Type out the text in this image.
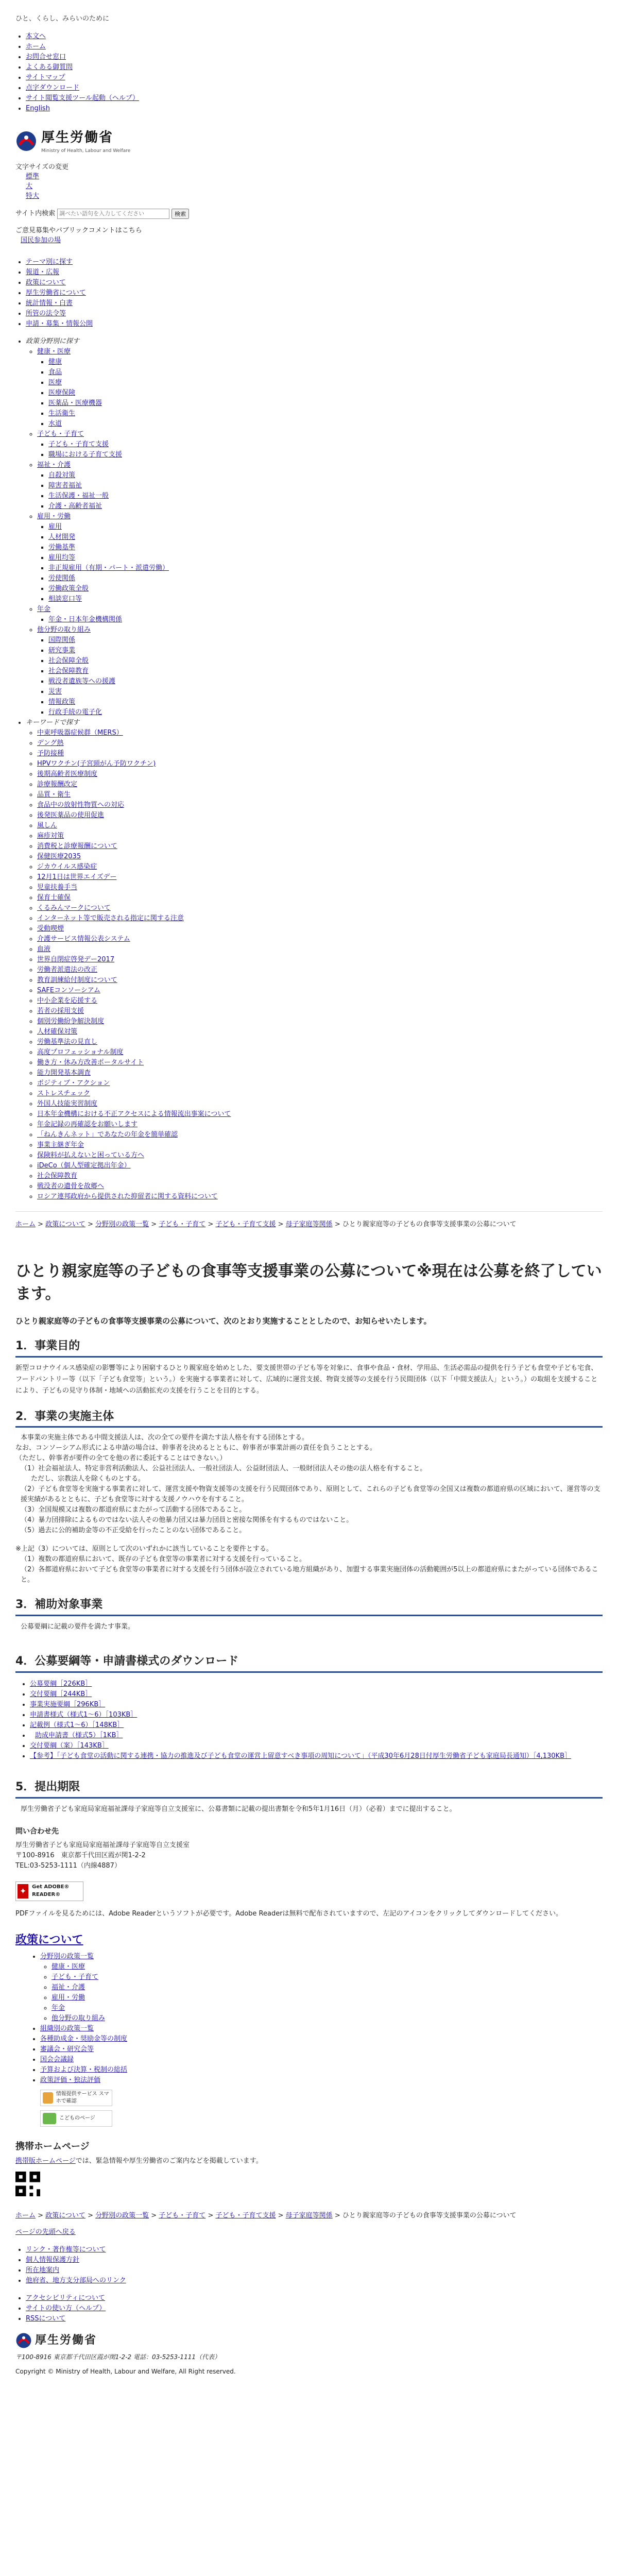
ひと、くらし、みらいのために
• 本文へ
• ホーム
• お問合せ窓口
• よくある御質問
• サイトマップ
• 点字ダウンロード
• サイト閲覧支援ツール起動（ヘルプ）
• English
厚生労働省
Ministry of Health, Labour and Welfare
文字サイズの変更
標準
大
特大
サイト内検索
調べたい語句を入力してください	検索
ご意見募集やパブリックコメントはこちら
国民参加の場
• テーマ別に探す
• 報道・広報
• 政策について
• 厚生労働省について
• 統計情報・白書
• 所管の法令等
• 申請・募集・情報公開
• 政策分野別に探す
◦ 健康・医療
▪ 健康
▪ 食品
▪ 医療
▪ 医療保険
▪ 医薬品・医療機器
▪ 生活衛生
▪ 水道
◦ 子ども・子育て
▪ 子ども・子育て支援
▪ 職場における子育て支援
◦ 福祉・介護
▪ 自殺対策
▪ 障害者福祉
▪ 生活保護・福祉一般
▪ 介護・高齢者福祉
◦ 雇用・労働
▪ 雇用
▪ 人材開発
▪ 労働基準
▪ 雇用均等
▪ 非正規雇用（有期・パート・派遣労働）
▪ 労使関係
▪ 労働政策全般
▪ 相談窓口等
◦ 年金
▪ 年金・日本年金機構関係
◦ 他分野の取り組み
▪ 国際関係
▪ 研究事業
▪ 社会保障全般
▪ 社会保障教育
▪ 戦没者遺族等への援護
▪ 災害
▪ 情報政策
▪ 行政手続の電子化
• キーワードで探す
◦ 中東呼吸器症候群（MERS）
◦ デング熱
◦ 予防接種
◦ HPVワクチン(子宮頸がん予防ワクチン)
◦ 後期高齢者医療制度
◦ 診療報酬改定
◦ 品質・衛生
◦ 食品中の放射性物質への対応
◦ 後発医薬品の使用促進
◦ 風しん
◦ 麻疹対策
◦ 消費税と診療報酬について
◦ 保健医療2035
◦ ジカウイルス感染症
◦ 12月1日は世界エイズデー
◦ 児童扶養手当
◦ 保育士確保
◦ くるみんマークについて
◦ インターネット等で販売される指定に関する注意
◦ 受動喫煙
◦ 介護サービス情報公表システム
◦ 血液
◦ 世界自閉症啓発デー2017
◦ 労働者派遣法の改正
◦ 教育訓練給付制度について
◦ SAFEコンソーシアム
◦ 中小企業を応援する
◦ 若者の採用支援
◦ 個別労働紛争解決制度
◦ 人材確保対策
◦ 労働基準法の見直し
◦ 高度プロフェッショナル制度
◦ 働き方・休み方改善ポータルサイト
◦ 能力開発基本調査
◦ ポジティブ・アクション
◦ ストレスチェック
◦ 外国人技能実習制度
◦ 日本年金機構における不正アクセスによる情報流出事案について
◦ 年金記録の再確認をお願いします
◦ 「ねんきんネット」であなたの年金を簡単確認
◦ 事業主継ぎ年金
◦ 保険料が払えないと困っている方へ
◦ iDeCo（個人型確定拠出年金）
◦ 社会保障教育
◦ 戦没者の遺骨を故郷へ
◦ ロシア連邦政府から提供された抑留者に関する資料について
ホーム > 政策について > 分野別の政策一覧 > 子ども・子育て > 子ども・子育て支援 > 母子家庭等関係 > ひとり親家庭等の子どもの食事等支援事業の公募について
ひとり親家庭等の子どもの食事等支援事業の公募について※現在は公募を終了しています。
ひとり親家庭等の子どもの食事等支援事業の公募について、次のとおり実施することとしたので、お知らせいたします。
1．事業目的
新型コロナウイルス感染症の影響等により困窮するひとり親家庭を始めとした、要支援世帯の子ども等を対象に、食事や食品・食材、学用品、生活必需品の提供を行う子ども食堂や子ども宅食、フードパントリー等（以下「子ども食堂等」という。）を実施する事業者に対して、広域的に運営支援、物資支援等の支援を行う民間団体（以下「中間支援法人」という。）の取組を支援することにより、子どもの見守り体制・地域への活動拡充の支援を行うことを目的とする。
2．事業の実施主体
本事業の実施主体である中間支援法人は、次の全ての要件を満たす法人格を有する団体とする。
なお、コンソーシアム形式による申請の場合は、幹事者を決めるとともに、幹事者が事業計画の責任を負うこととする。
（ただし、幹事者が要件の全てを他の者に委託することはできない。）
（1）社会福祉法人、特定非営利活動法人、公益社団法人、一般社団法人、公益財団法人、一般財団法人その他の法人格を有すること。
ただし、宗教法人を除くものとする。
（2）子ども食堂等を実施する事業者に対して、運営支援や物資支援等の支援を行う民間団体であり、原則として、これらの子ども食堂等の全国又は複数の都道府県の区域において、運営等の支援実績があるとともに、子ども食堂等に対する支援ノウハウを有すること。
（3）全国規模又は複数の都道府県にまたがって活動する団体であること。
（4）暴力団排除によるものではない法人その他暴力団又は暴力団員と密接な関係を有するものではないこと。
（5）過去に公的補助金等の不正受給を行ったことのない団体であること。
※上記（3）については、原則として次のいずれかに該当していることを要件とする。
（1）複数の都道府県において、既存の子ども食堂等の事業者に対する支援を行っていること。
（2）各都道府県において子ども食堂等の事業者に対する支援を行う団体が設立されている地方組織があり、加盟する事業実施団体の活動範囲が5以上の都道府県にまたがっている団体であること。
3．補助対象事業
公募要綱に記載の要件を満たす事業。
4．公募要綱等・申請書様式のダウンロード
• 公募要綱［226KB］
• 交付要綱［244KB］
• 事業実施要綱［296KB］
• 申請書様式（様式1～6）［103KB］
• 記載例（様式1～6）［148KB］
• 助成申請書（様式5）［1KB］
• 交付要綱（案）［143KB］
• 【参考】「子ども食堂の活動に関する連携・協力の推進及び子ども食堂の運営上留意すべき事項の周知について」（平成30年6月28日付厚生労働省子ども家庭局長通知）［4,130KB］
5．提出期限
厚生労働省子ども家庭局家庭福祉課母子家庭等自立支援室に、公募書類に記載の提出書類を令和5年1月16日（月）（必着）までに提出すること。
問い合わせ先
厚生労働省子ども家庭局家庭福祉課母子家庭等自立支援室
〒100-8916　東京都千代田区霞が関1-2-2
TEL:03-5253-1111（内線4887）
✦	Get ADOBE® READER®
PDFファイルを見るためには、Adobe Readerというソフトが必要です。Adobe Readerは無料で配布されていますので、左記のアイコンをクリックしてダウンロードしてください。
政策について
• 分野別の政策一覧
◦ 健康・医療
◦ 子ども・子育て
◦ 福祉・介護
◦ 雇用・労働
◦ 年金
◦ 他分野の取り組み
• 組織別の政策一覧
• 各種助成金・奨励金等の制度
• 審議会・研究会等
• 国会会議録
• 予算および決算・税制の総括
• 政策評価・独法評価
情報提供サービス スマホで確認
こどものページ
携帯ホームページ
携帯版ホームページでは、緊急情報や厚生労働省のご案内などを掲載しています。
ホーム > 政策について > 分野別の政策一覧 > 子ども・子育て > 子ども・子育て支援 > 母子家庭等関係 > ひとり親家庭等の子どもの食事等支援事業の公募について
ページの先頭へ戻る
• リンク・著作権等について
• 個人情報保護方針
• 所在地案内
• 他府省、地方支分部局へのリンク
• アクセシビリティについて
• サイトの使い方（ヘルプ）
• RSSについて
厚生労働省
〒100-8916 東京都千代田区霞が関1-2-2 電話：03-5253-1111（代表）
Copyright © Ministry of Health, Labour and Welfare, All Right reserved.
